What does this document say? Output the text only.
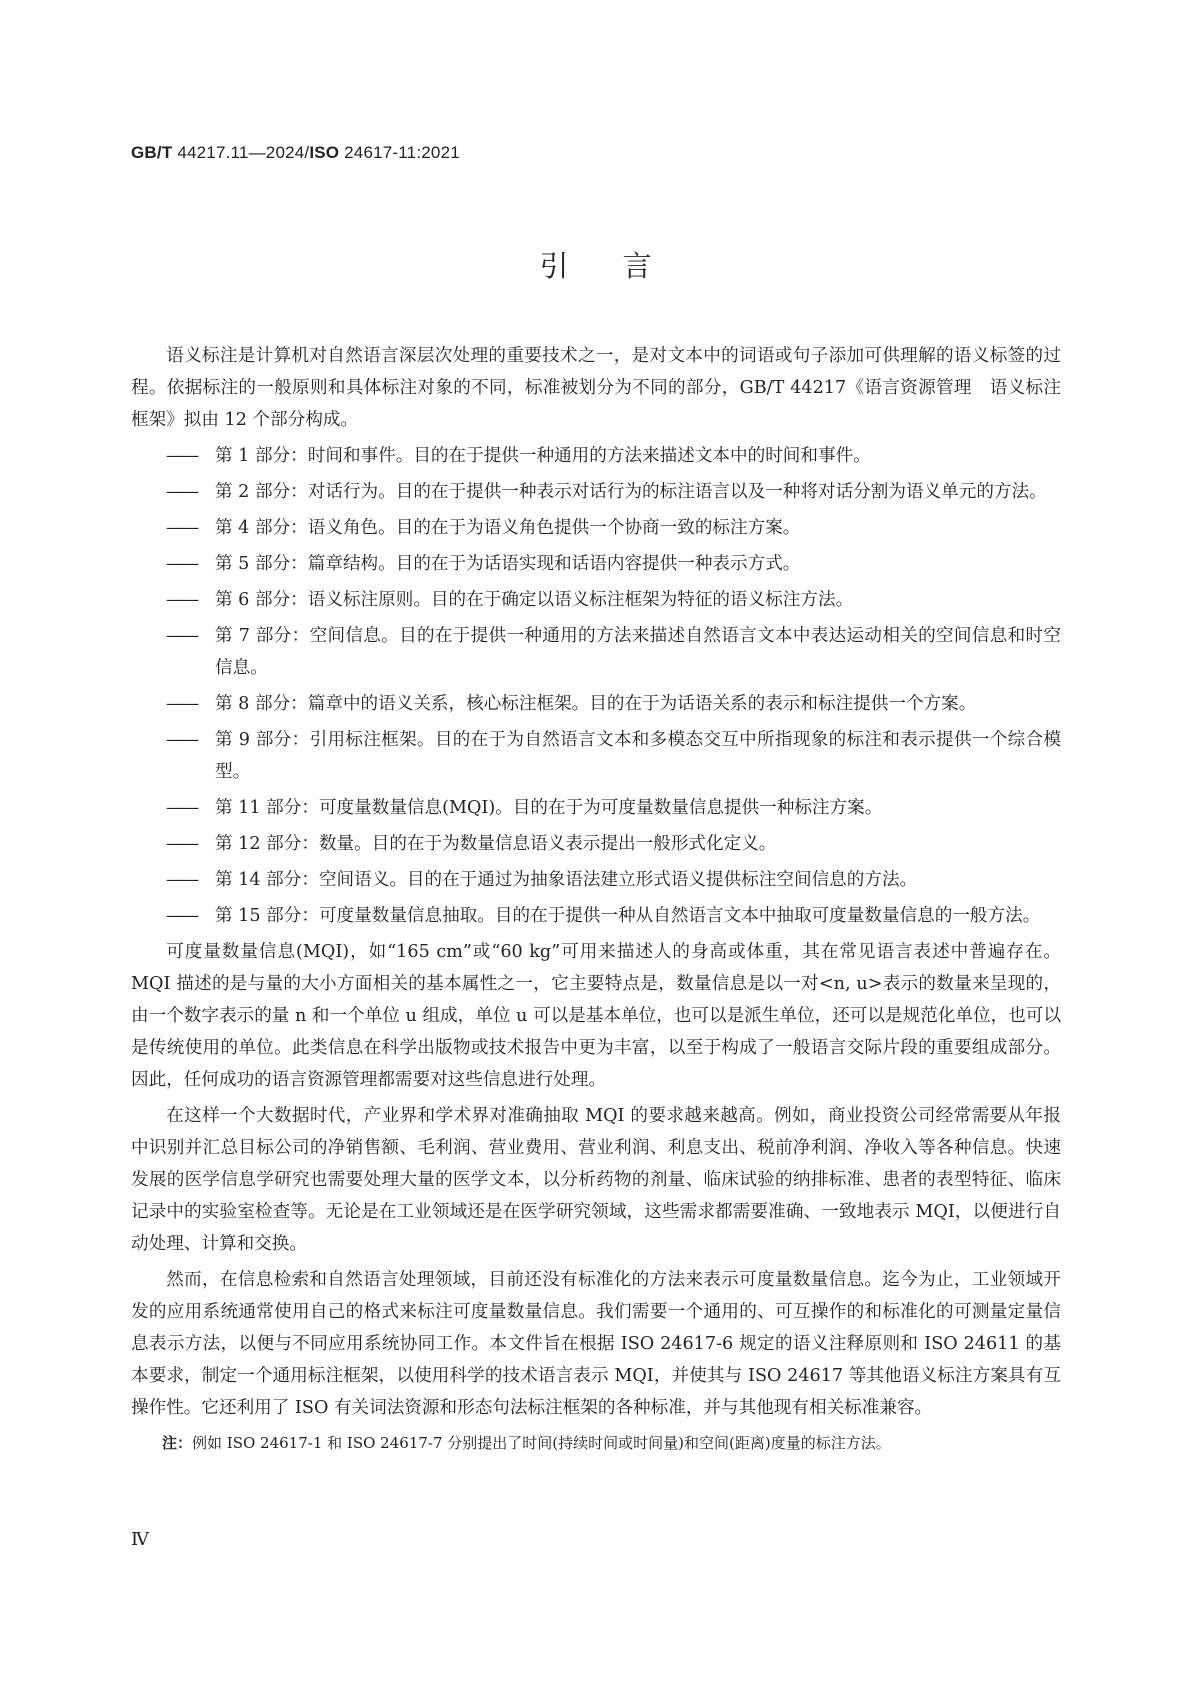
GB/T 44217.11—2024/ISO 24617-11:2021
引言

语义标注是计算机对自然语言深层次处理的重要技术之一，是对文本中的词语或句子添加可供理解的语义标签的过程。依据标注的一般原则和具体标注对象的不同，标准被划分为不同的部分，GB/T 44217《语言资源管理　语义标注框架》拟由 12 个部分构成。

——	第 1 部分：时间和事件。目的在于提供一种通用的方法来描述文本中的时间和事件。
——	第 2 部分：对话行为。目的在于提供一种表示对话行为的标注语言以及一种将对话分割为语义单元的方法。
——	第 4 部分：语义角色。目的在于为语义角色提供一个协商一致的标注方案。
——	第 5 部分：篇章结构。目的在于为话语实现和话语内容提供一种表示方式。
——	第 6 部分：语义标注原则。目的在于确定以语义标注框架为特征的语义标注方法。
——	第 7 部分：空间信息。目的在于提供一种通用的方法来描述自然语言文本中表达运动相关的空间信息和时空信息。
——	第 8 部分：篇章中的语义关系，核心标注框架。目的在于为话语关系的表示和标注提供一个方案。
——	第 9 部分：引用标注框架。目的在于为自然语言文本和多模态交互中所指现象的标注和表示提供一个综合模型。
——	第 11 部分：可度量数量信息(MQI)。目的在于为可度量数量信息提供一种标注方案。
——	第 12 部分：数量。目的在于为数量信息语义表示提出一般形式化定义。
——	第 14 部分：空间语义。目的在于通过为抽象语法建立形式语义提供标注空间信息的方法。
——	第 15 部分：可度量数量信息抽取。目的在于提供一种从自然语言文本中抽取可度量数量信息的一般方法。

可度量数量信息(MQI)，如“165 cm”或“60 kg”可用来描述人的身高或体重，其在常见语言表述中普遍存在。MQI 描述的是与量的大小方面相关的基本属性之一，它主要特点是，数量信息是以一对<n, u>表示的数量来呈现的，由一个数字表示的量 n 和一个单位 u 组成，单位 u 可以是基本单位，也可以是派生单位，还可以是规范化单位，也可以是传统使用的单位。此类信息在科学出版物或技术报告中更为丰富，以至于构成了一般语言交际片段的重要组成部分。因此，任何成功的语言资源管理都需要对这些信息进行处理。

在这样一个大数据时代，产业界和学术界对准确抽取 MQI 的要求越来越高。例如，商业投资公司经常需要从年报中识别并汇总目标公司的净销售额、毛利润、营业费用、营业利润、利息支出、税前净利润、净收入等各种信息。快速发展的医学信息学研究也需要处理大量的医学文本，以分析药物的剂量、临床试验的纳排标准、患者的表型特征、临床记录中的实验室检查等。无论是在工业领域还是在医学研究领域，这些需求都需要准确、一致地表示 MQI，以便进行自动处理、计算和交换。

然而，在信息检索和自然语言处理领域，目前还没有标准化的方法来表示可度量数量信息。迄今为止，工业领域开发的应用系统通常使用自己的格式来标注可度量数量信息。我们需要一个通用的、可互操作的和标准化的可测量定量信息表示方法，以便与不同应用系统协同工作。本文件旨在根据 ISO 24617-6 规定的语义注释原则和 ISO 24611 的基本要求，制定一个通用标注框架，以使用科学的技术语言表示 MQI，并使其与 ISO 24617 等其他语义标注方案具有互操作性。它还利用了 ISO 有关词法资源和形态句法标注框架的各种标准，并与其他现有相关标准兼容。

注：例如 ISO 24617-1 和 ISO 24617-7 分别提出了时间(持续时间或时间量)和空间(距离)度量的标注方法。

Ⅳ
